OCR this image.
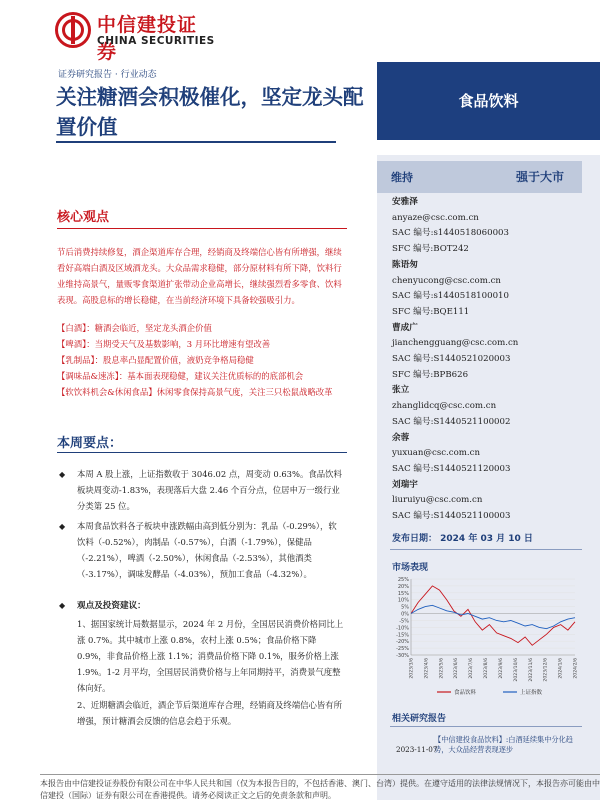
中信建投证券
CHINA SECURITIES
证券研究报告 · 行业动态
关注糖酒会积极催化，坚定龙头配置价值
食品饮料
维持	强于大市
安雅泽
anyaze@csc.com.cn
SAC 编号:s1440518060003
SFC 编号:BOT242
陈语匆
chenyucong@csc.com.cn
SAC 编号:s1440518100010
SFC 编号:BQE111
曹成广
jianchengguang@csc.com.cn
SAC 编号:S1440521020003
SFC 编号:BPB626
张立
zhanglidcq@csc.com.cn
SAC 编号:S1440521100002
余蓉
yuxuan@csc.com.cn
SAC 编号:S1440521120003
刘瑞宇
liuruiyu@csc.com.cn
SAC 编号:S1440521100003
发布日期： 2024 年 03 月 10 日
市场表现
25%
20%
15%
10%
5%
0%
-5%
-10%
-15%
-20%
-25%
-30%
2023/3/6 2023/4/6 2023/5/6 2023/6/6 2023/7/6 2023/8/6 2023/9/6 2023/10/6 2023/11/6 2023/12/6 2024/1/6 2024/2/6
食品饮料	上证指数
相关研究报告
【中信建投食品饮料】:白酒延续集中分化趋势，大众品经营表现逐步
2023-11-07
核心观点
节后消费持续修复，酒企渠道库存合理，经销商及终端信心皆有所增强，继续看好高端白酒及区域酒龙头。大众品需求稳健，部分原材料有所下降，饮料行业维持高景气，量贩零食渠道扩张带动企业高增长，继续强烈看多零食、饮料表现。高股息标的增长稳健，在当前经济环境下具备较强吸引力。
【白酒】：糖酒会临近，坚定龙头酒企价值
【啤酒】：当期受天气及基数影响，3 月环比增速有望改善
【乳制品】：股息率凸显配置价值，液奶竞争格局稳健
【调味品&速冻】：基本面表现稳健，建议关注优质标的的底部机会
【软饮料机会&休闲食品】休闲零食保持高景气度，关注三只松鼠战略改革
本周要点：
◆	本周 A 股上涨，上证指数收于 3046.02 点，周变动 0.63%。食品饮料板块周变动-1.83%，表现落后大盘 2.46 个百分点，位居申万一级行业分类第 25 位。
◆	本周食品饮料各子板块申涨跌幅由高到低分别为：乳品（-0.29%），软饮料（-0.52%），肉制品（-0.57%），白酒（-1.79%），保健品（-2.21%），啤酒（-2.50%），休闲食品（-2.53%），其他酒类（-3.17%），调味发酵品（-4.03%），预加工食品（-4.32%）。
◆	观点及投资建议：
1、据国家统计局数据显示，2024 年 2 月份，全国居民消费价格同比上涨 0.7%。其中城市上涨 0.8%，农村上涨 0.5%；食品价格下降 0.9%，非食品价格上涨 1.1%；消费品价格下降 0.1%，服务价格上涨 1.9%。1-2 月平均，全国居民消费价格与上年同期持平，消费景气度整体向好。
2、近期糖酒会临近，酒企节后渠道库存合理，经销商及终端信心皆有所增强，预计糖酒会反馈的信息会趋于乐观。
本报告由中信建投证券股份有限公司在中华人民共和国（仅为本报告目的，不包括香港、澳门、台湾）提供。在遵守适用的法律法规情况下，本报告亦可能由中信建投（国际）证券有限公司在香港提供。请务必阅读正文之后的免责条款和声明。
